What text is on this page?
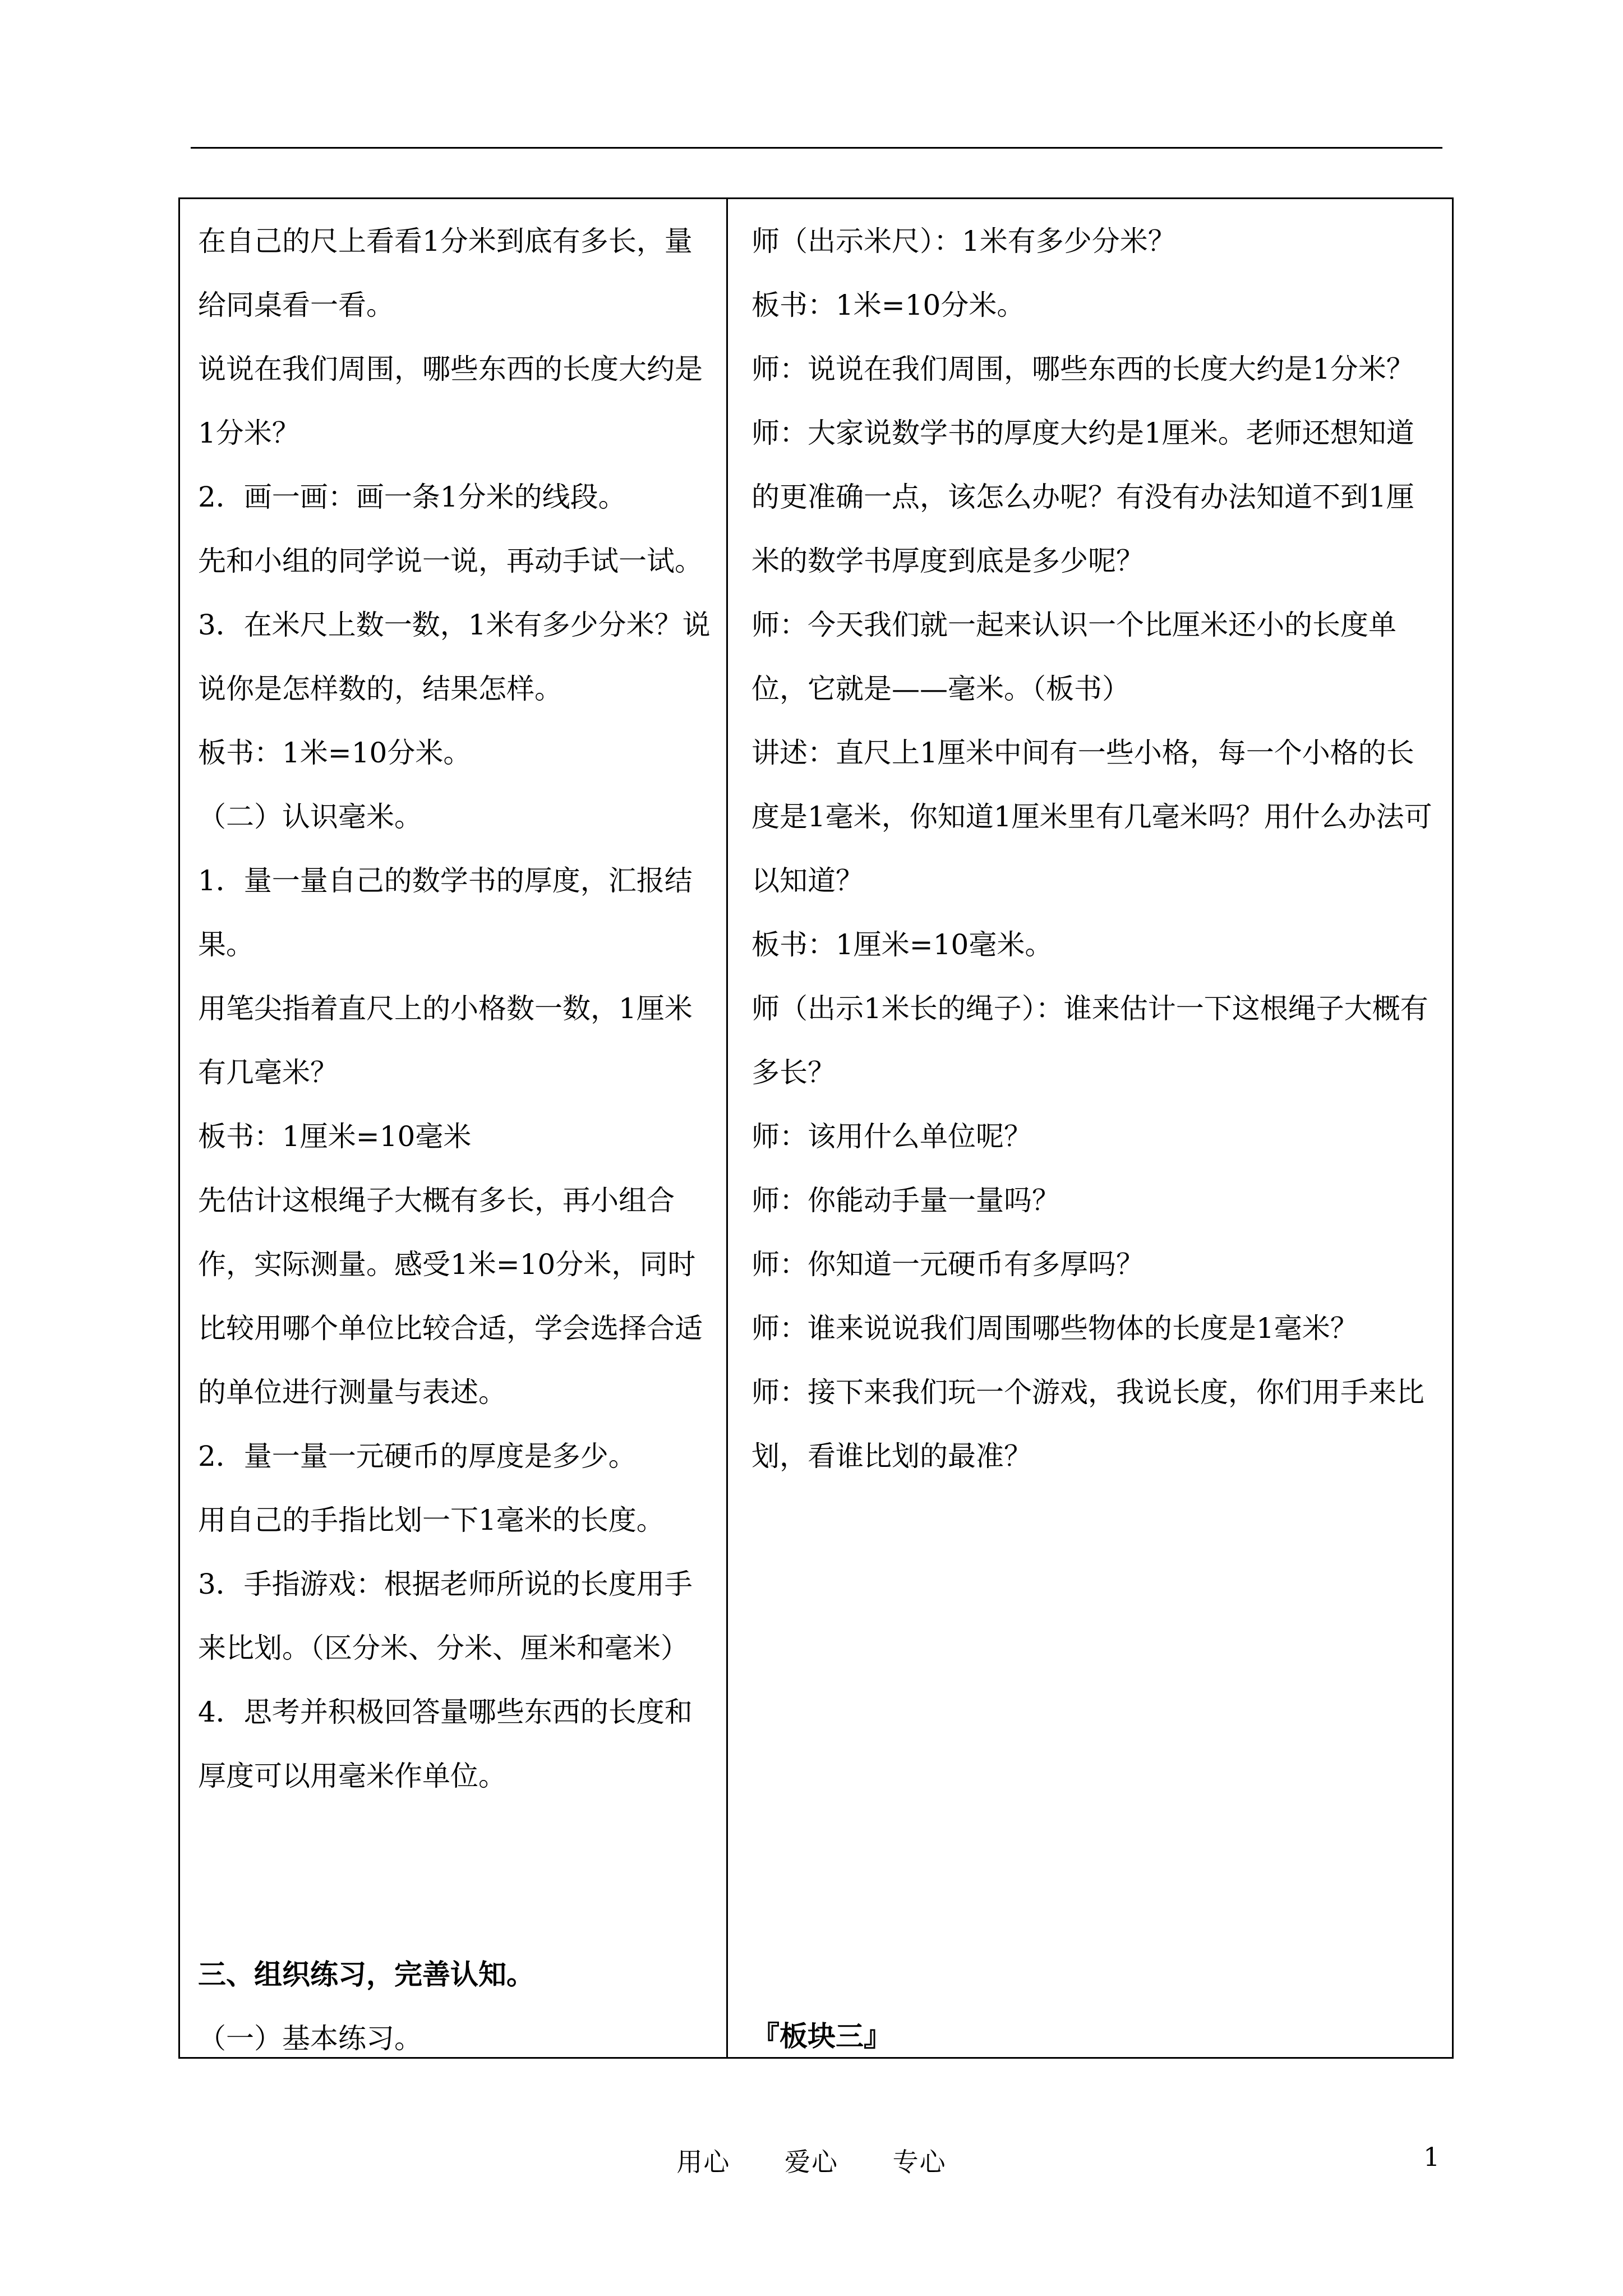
在自己的尺上看看1分米到底有多长，量给同桌看一看。

说说在我们周围，哪些东西的长度大约是1分米？

2．画一画：画一条1分米的线段。

先和小组的同学说一说，再动手试一试。

3．在米尺上数一数，1米有多少分米？说说你是怎样数的，结果怎样。

板书：1米=10分米。

（二）认识毫米。

1．量一量自己的数学书的厚度，汇报结果。

用笔尖指着直尺上的小格数一数，1厘米有几毫米？

板书：1厘米=10毫米

先估计这根绳子大概有多长，再小组合作，实际测量。感受1米=10分米，同时比较用哪个单位比较合适，学会选择合适的单位进行测量与表述。

2．量一量一元硬币的厚度是多少。

用自己的手指比划一下1毫米的长度。

3．手指游戏：根据老师所说的长度用手来比划。（区分米、分米、厘米和毫米）

4．思考并积极回答量哪些东西的长度和厚度可以用毫米作单位。

三、组织练习，完善认知。

（一）基本练习。

师（出示米尺）：1米有多少分米？

板书：1米=10分米。

师：说说在我们周围，哪些东西的长度大约是1分米？

师：大家说数学书的厚度大约是1厘米。老师还想知道的更准确一点，该怎么办呢？有没有办法知道不到1厘米的数学书厚度到底是多少呢？

师：今天我们就一起来认识一个比厘米还小的长度单位，它就是——毫米。（板书）

讲述：直尺上1厘米中间有一些小格，每一个小格的长度是1毫米，你知道1厘米里有几毫米吗？用什么办法可以知道？

板书：1厘米=10毫米。

师（出示1米长的绳子）：谁来估计一下这根绳子大概有多长？

师：该用什么单位呢？

师：你能动手量一量吗？

师：你知道一元硬币有多厚吗？

师：谁来说说我们周围哪些物体的长度是1毫米？

师：接下来我们玩一个游戏，我说长度，你们用手来比划，看谁比划的最准？

『板块三』

用心 爱心 专心	1
